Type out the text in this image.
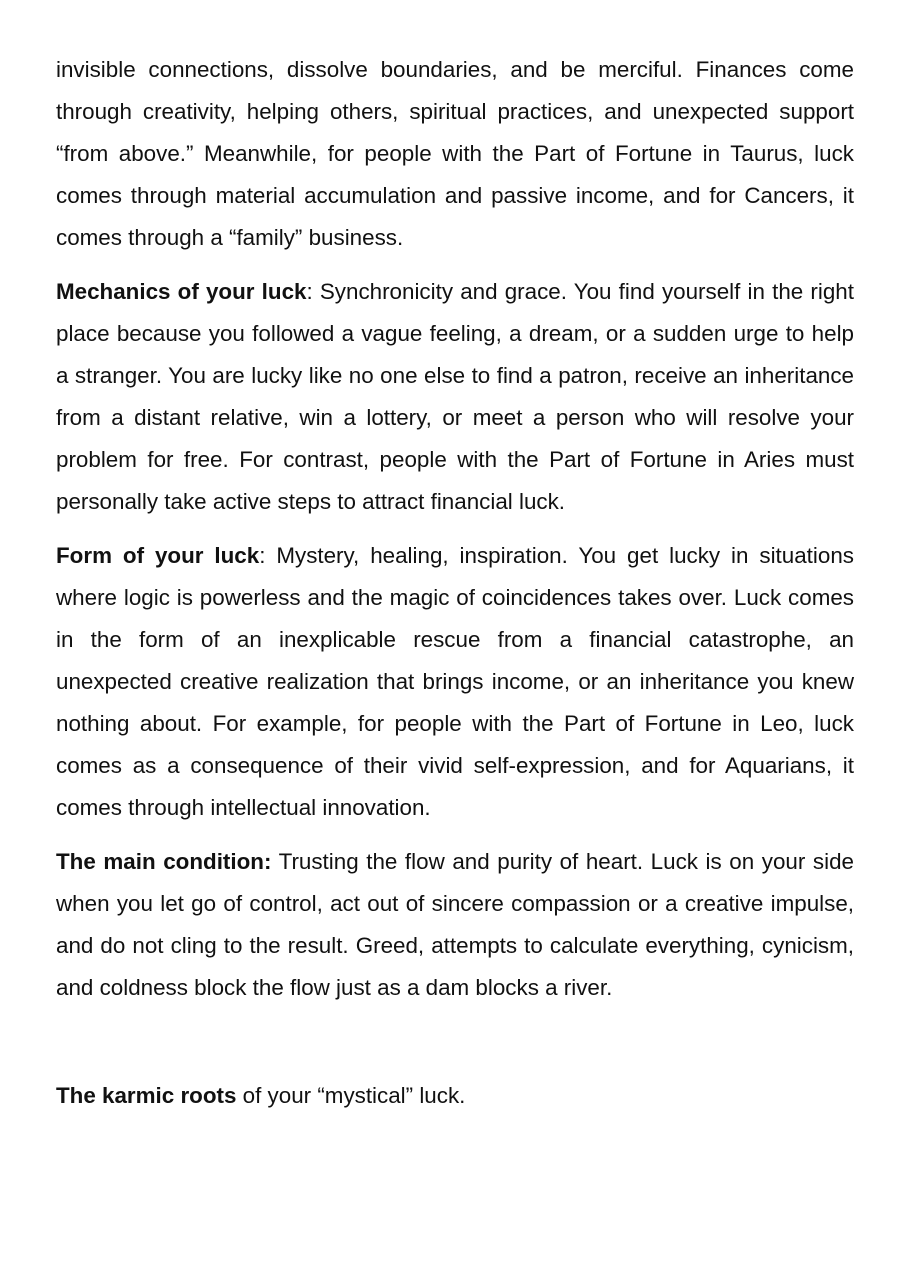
invisible connections, dissolve boundaries, and be merciful. Finances come through creativity, helping others, spiritual practices, and unexpected support “from above.” Meanwhile, for people with the Part of Fortune in Taurus, luck comes through material accumulation and passive income, and for Cancers, it comes through a “family” business.

Mechanics of your luck: Synchronicity and grace. You find yourself in the right place because you followed a vague feeling, a dream, or a sudden urge to help a stranger. You are lucky like no one else to find a patron, receive an inheritance from a distant relative, win a lottery, or meet a person who will resolve your problem for free. For contrast, people with the Part of Fortune in Aries must personally take active steps to attract financial luck.

Form of your luck: Mystery, healing, inspiration. You get lucky in situations where logic is powerless and the magic of coincidences takes over. Luck comes in the form of an inexplicable rescue from a financial catastrophe, an unexpected creative realization that brings income, or an inheritance you knew nothing about. For example, for people with the Part of Fortune in Leo, luck comes as a consequence of their vivid self-expression, and for Aquarians, it comes through intellectual innovation.

The main condition: Trusting the flow and purity of heart. Luck is on your side when you let go of control, act out of sincere compassion or a creative impulse, and do not cling to the result. Greed, attempts to calculate everything, cynicism, and coldness block the flow just as a dam blocks a river.

The karmic roots of your “mystical” luck.
